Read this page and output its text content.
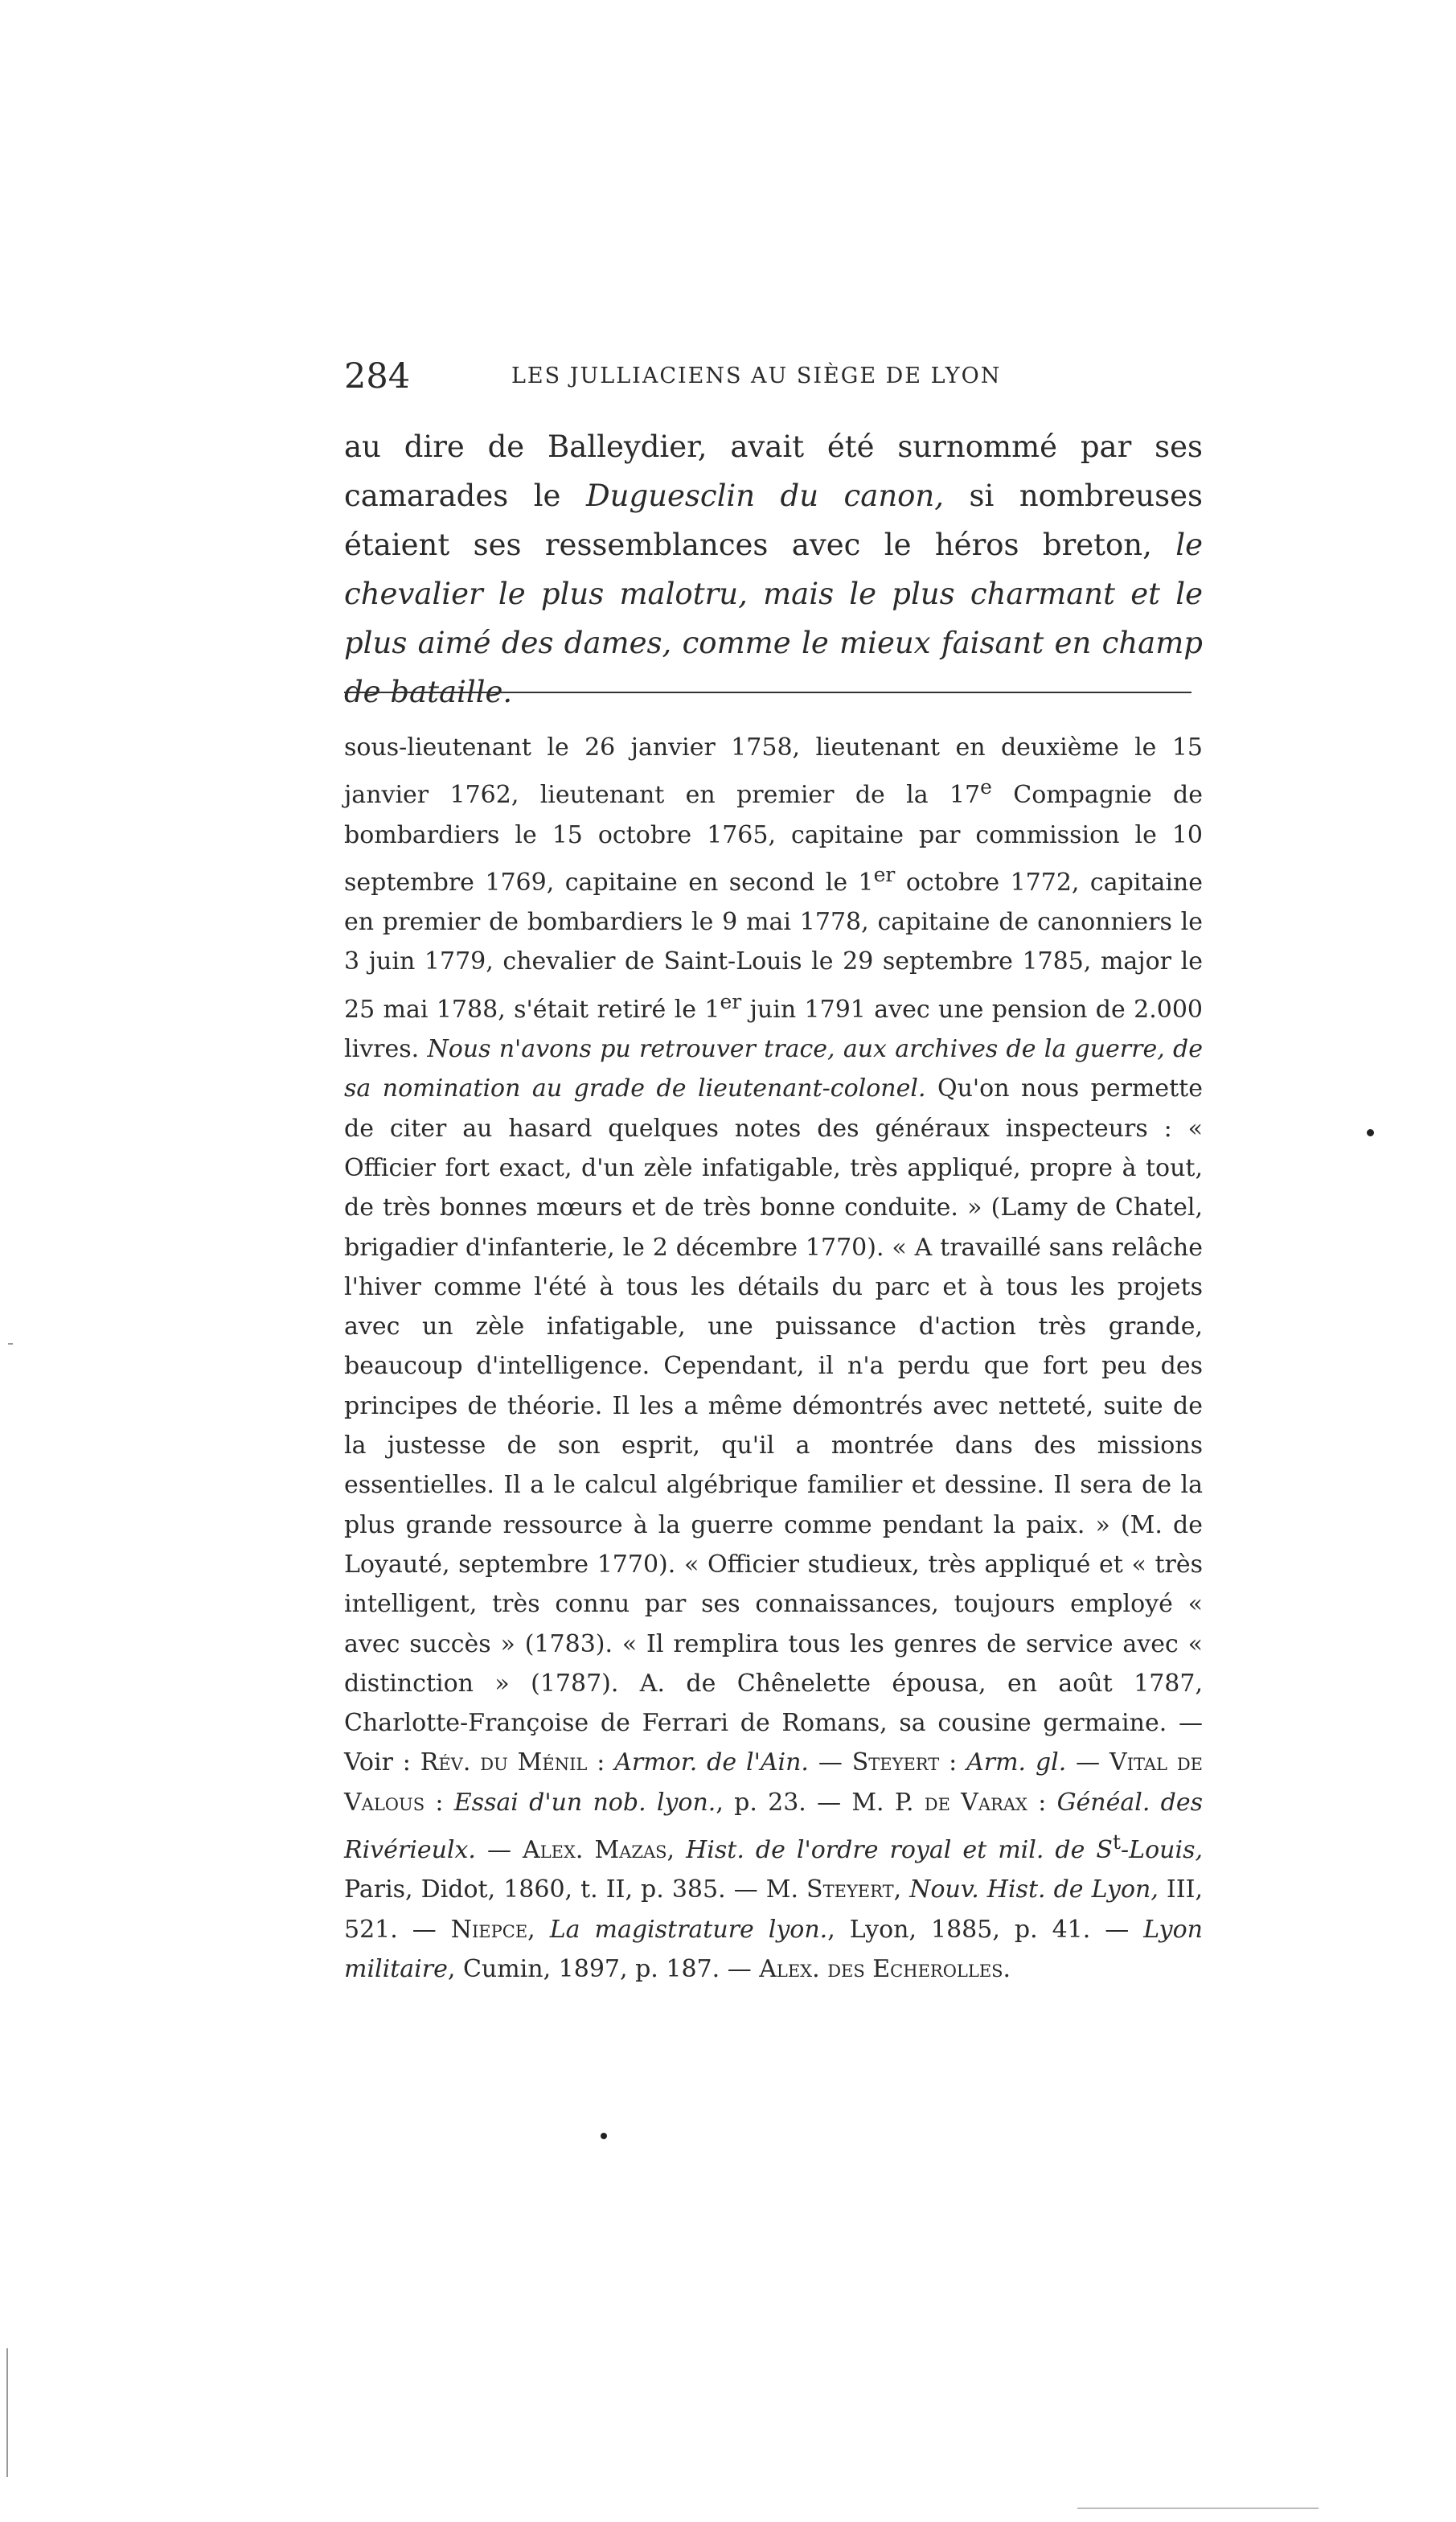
284	LES JULLIACIENS AU SIÈGE DE LYON

au dire de Balleydier, avait été surnommé par ses camarades le Duguesclin du canon, si nombreuses étaient ses ressemblances avec le héros breton, le chevalier le plus malotru, mais le plus charmant et le plus aimé des dames, comme le mieux faisant en champ de bataille.

sous-lieutenant le 26 janvier 1758, lieutenant en deuxième le 15 janvier 1762, lieutenant en premier de la 17e Compagnie de bombardiers le 15 octobre 1765, capitaine par commission le 10 septembre 1769, capitaine en second le 1er octobre 1772, capitaine en premier de bombardiers le 9 mai 1778, capitaine de canonniers le 3 juin 1779, chevalier de Saint-Louis le 29 septembre 1785, major le 25 mai 1788, s'était retiré le 1er juin 1791 avec une pension de 2.000 livres. Nous n'avons pu retrouver trace, aux archives de la guerre, de sa nomination au grade de lieutenant-colonel. Qu'on nous permette de citer au hasard quelques notes des généraux inspecteurs : « Officier fort exact, d'un zèle infatigable, très appliqué, propre à tout, de très bonnes mœurs et de très bonne conduite. » (Lamy de Chatel, brigadier d'infanterie, le 2 décembre 1770). « A travaillé sans relâche l'hiver comme l'été à tous les détails du parc et à tous les projets avec un zèle infatigable, une puissance d'action très grande, beaucoup d'intelligence. Cependant, il n'a perdu que fort peu des principes de théorie. Il les a même démontrés avec netteté, suite de la justesse de son esprit, qu'il a montrée dans des missions essentielles. Il a le calcul algébrique familier et dessine. Il sera de la plus grande ressource à la guerre comme pendant la paix. » (M. de Loyauté, septembre 1770). « Officier studieux, très appliqué et « très intelligent, très connu par ses connaissances, toujours employé « avec succès » (1783). « Il remplira tous les genres de service avec « distinction » (1787). A. de Chênelette épousa, en août 1787, Charlotte-Françoise de Ferrari de Romans, sa cousine germaine. — Voir : Rév. du Ménil : Armor. de l'Ain. — Steyert : Arm. gl. — Vital de Valous : Essai d'un nob. lyon., p. 23. — M. P. de Varax : Généal. des Rivérieulx. — Alex. Mazas, Hist. de l'ordre royal et mil. de $S^t$-Louis, Paris, Didot, 1860, t. II, p. 385. — M. Steyert, Nouv. Hist. de Lyon, III, 521. — Niepce, La magistrature lyon., Lyon, 1885, p. 41. — Lyon militaire, Cumin, 1897, p. 187. — Alex. des Echerolles.
